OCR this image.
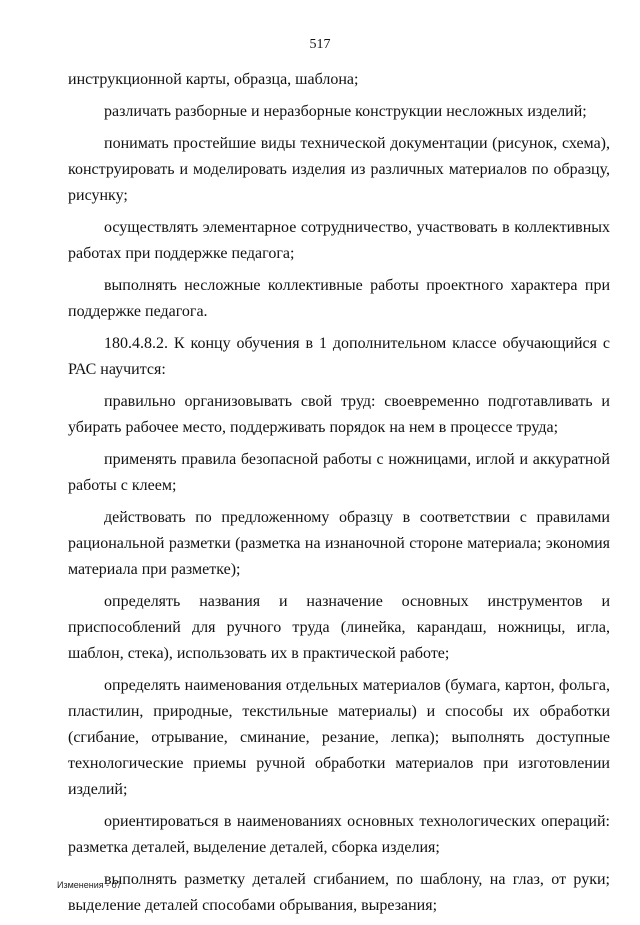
517

инструкционной карты, образца, шаблона;

различать разборные и неразборные конструкции несложных изделий;

понимать простейшие виды технической документации (рисунок, схема), конструировать и моделировать изделия из различных материалов по образцу, рисунку;

осуществлять элементарное сотрудничество, участвовать в коллективных работах при поддержке педагога;

выполнять несложные коллективные работы проектного характера при поддержке педагога.

180.4.8.2. К концу обучения в 1 дополнительном классе обучающийся с РАС научится:

правильно организовывать свой труд: своевременно подготавливать и убирать рабочее место, поддерживать порядок на нем в процессе труда;

применять правила безопасной работы с ножницами, иглой и аккуратной работы с клеем;

действовать по предложенному образцу в соответствии с правилами рациональной разметки (разметка на изнаночной стороне материала; экономия материала при разметке);

определять названия и назначение основных инструментов и приспособлений для ручного труда (линейка, карандаш, ножницы, игла, шаблон, стека), использовать их в практической работе;

определять наименования отдельных материалов (бумага, картон, фольга, пластилин, природные, текстильные материалы) и способы их обработки (сгибание, отрывание, сминание, резание, лепка); выполнять доступные технологические приемы ручной обработки материалов при изготовлении изделий;

ориентироваться в наименованиях основных технологических операций: разметка деталей, выделение деталей, сборка изделия;

выполнять разметку деталей сгибанием, по шаблону, на глаз, от руки; выделение деталей способами обрывания, вырезания;

Изменения - 07
